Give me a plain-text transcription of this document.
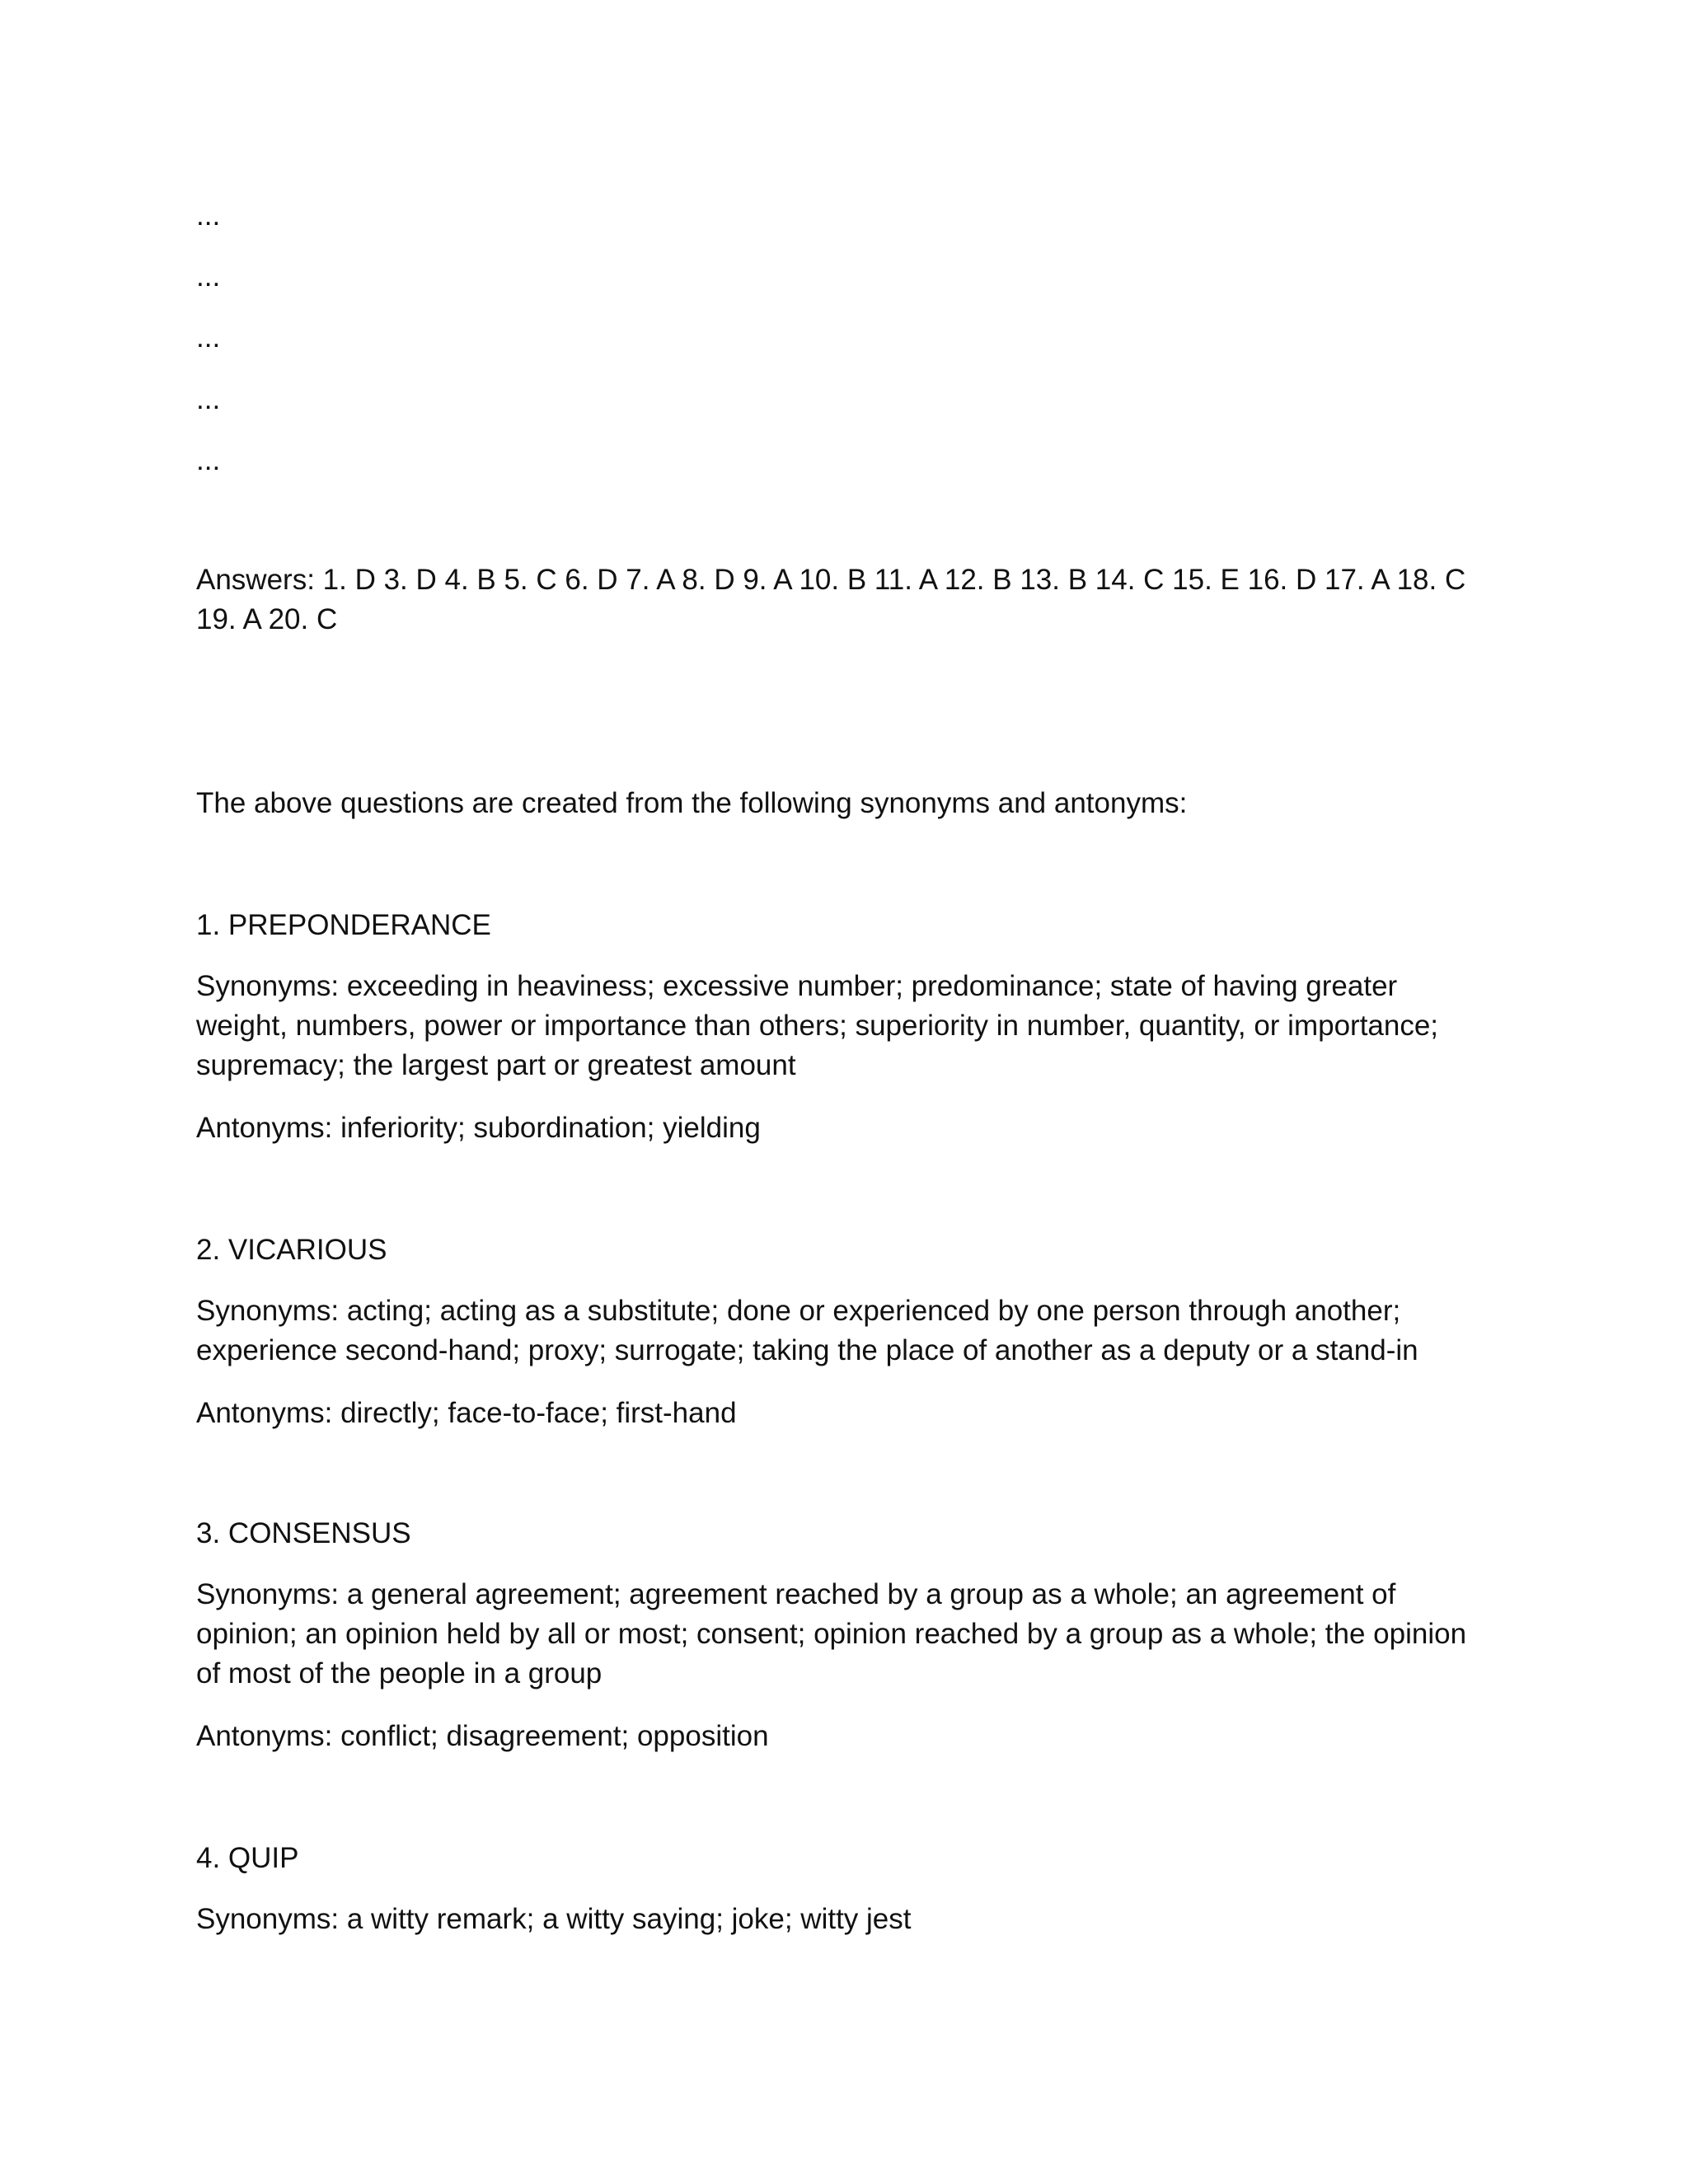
...
...
...
...
...

Answers: 1. D 3. D 4. B 5. C 6. D 7. A 8. D 9. A 10. B 11. A 12. B 13. B 14. C 15. E 16. D 17. A 18. C 19. A 20. C

The above questions are created from the following synonyms and antonyms:

1. PREPONDERANCE

Synonyms: exceeding in heaviness; excessive number; predominance; state of having greater weight, numbers, power or importance than others; superiority in number, quantity, or importance; supremacy; the largest part or greatest amount

Antonyms: inferiority; subordination; yielding

2. VICARIOUS

Synonyms: acting; acting as a substitute; done or experienced by one person through another; experience second-hand; proxy; surrogate; taking the place of another as a deputy or a stand-in

Antonyms: directly; face-to-face; first-hand

3. CONSENSUS

Synonyms: a general agreement; agreement reached by a group as a whole; an agreement of opinion; an opinion held by all or most; consent; opinion reached by a group as a whole; the opinion of most of the people in a group

Antonyms: conflict; disagreement; opposition

4. QUIP

Synonyms: a witty remark; a witty saying; joke; witty jest
